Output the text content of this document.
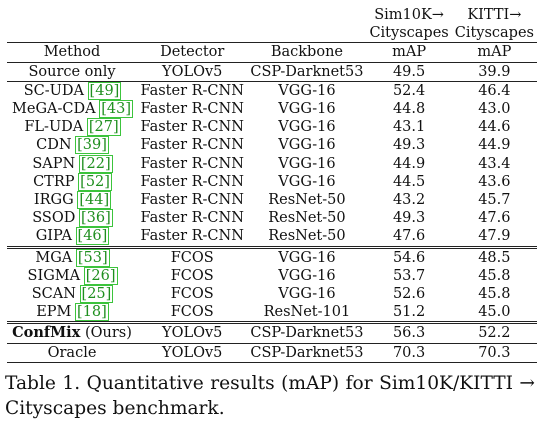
			Sim10K→	KITTI→
			Cityscapes	Cityscapes
Method	Detector	Backbone	mAP	mAP
Source only	YOLOv5	CSP-Darknet53	49.5	39.9
SC-UDA [49]	Faster R-CNN	VGG-16	52.4	46.4
MeGA-CDA [43]	Faster R-CNN	VGG-16	44.8	43.0
FL-UDA [27]	Faster R-CNN	VGG-16	43.1	44.6
CDN [39]	Faster R-CNN	VGG-16	49.3	44.9
SAPN [22]	Faster R-CNN	VGG-16	44.9	43.4
CTRP [52]	Faster R-CNN	VGG-16	44.5	43.6
IRGG [44]	Faster R-CNN	ResNet-50	43.2	45.7
SSOD [36]	Faster R-CNN	ResNet-50	49.3	47.6
GIPA [46]	Faster R-CNN	ResNet-50	47.6	47.9
MGA [53]	FCOS	VGG-16	54.6	48.5
SIGMA [26]	FCOS	VGG-16	53.7	45.8
SCAN [25]	FCOS	VGG-16	52.6	45.8
EPM [18]	FCOS	ResNet-101	51.2	45.0
ConfMix (Ours)	YOLOv5	CSP-Darknet53	56.3	52.2
Oracle	YOLOv5	CSP-Darknet53	70.3	70.3
Table 1. Quantitative results (mAP) for Sim10K/KITTI → Cityscapes benchmark.
